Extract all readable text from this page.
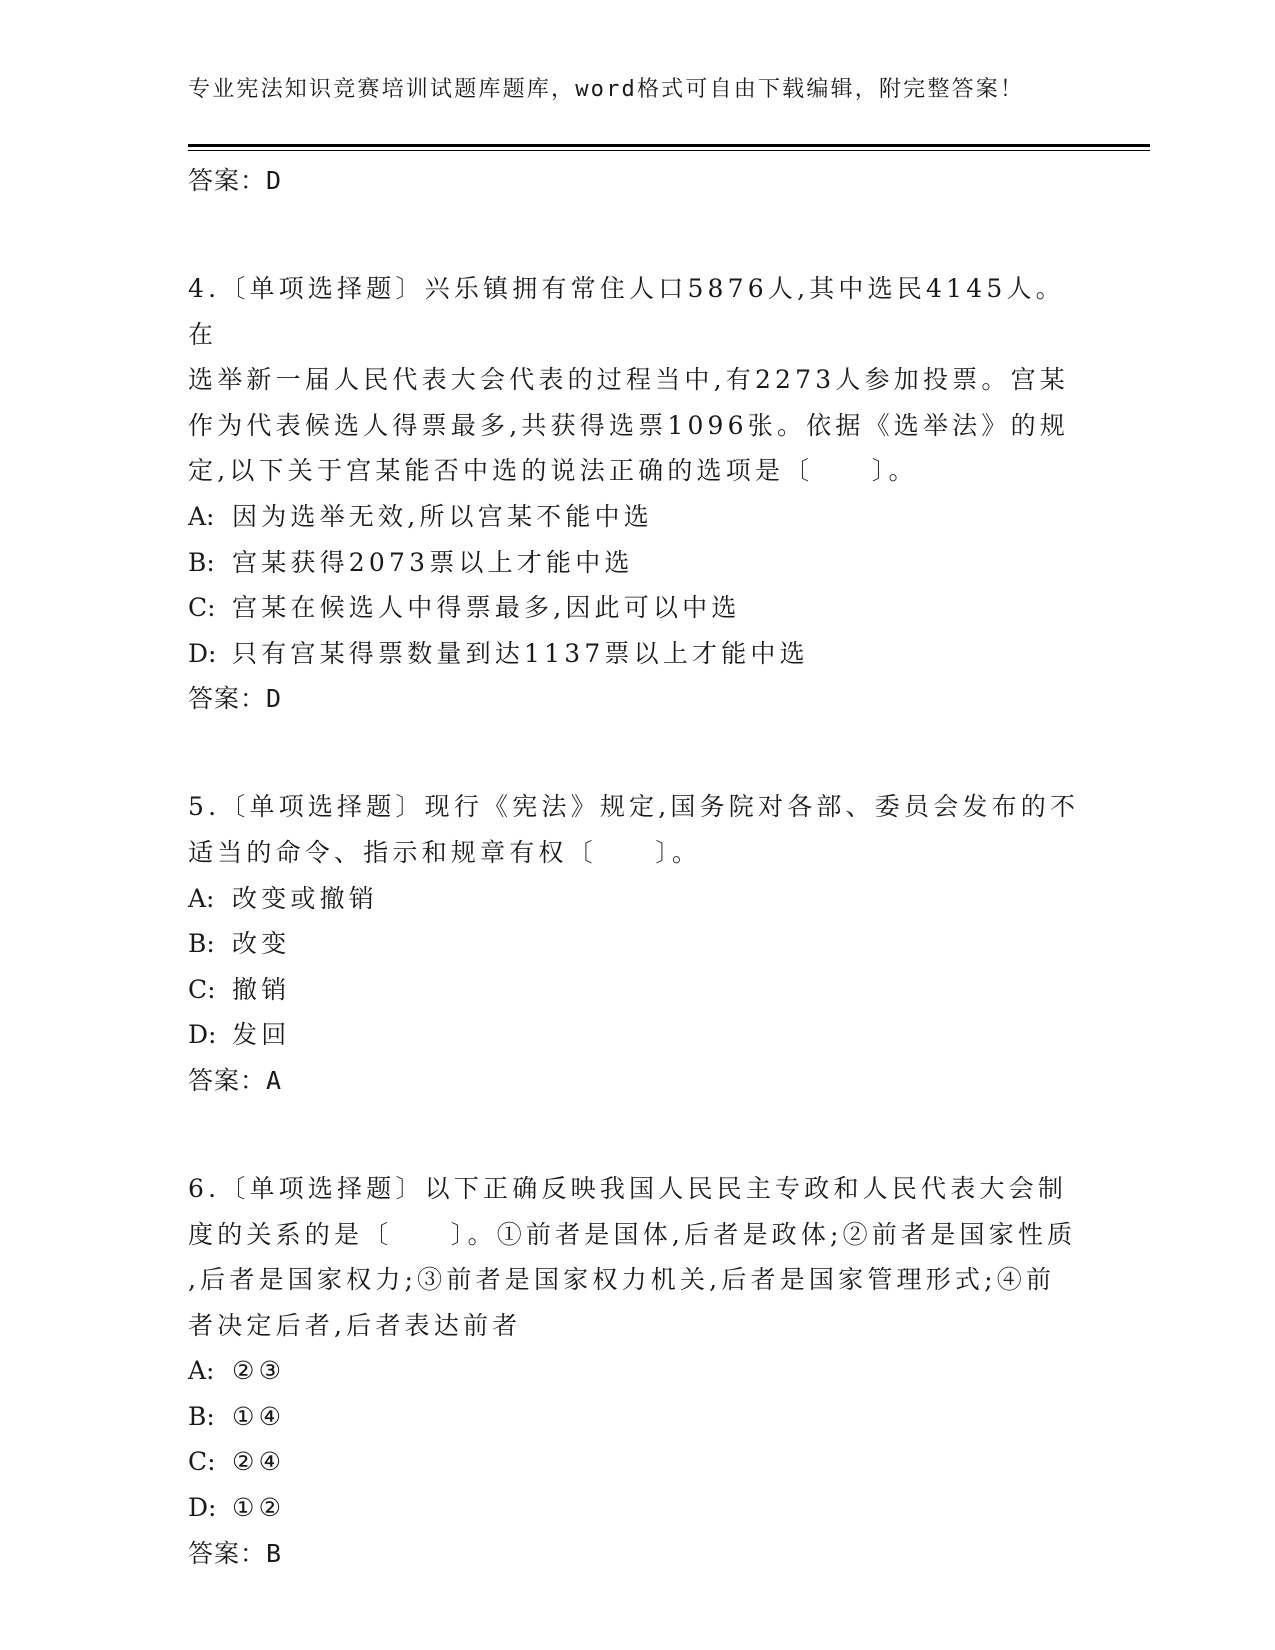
专业宪法知识竞赛培训试题库题库，word格式可自由下载编辑，附完整答案！
答案：D
4.〔单项选择题〕兴乐镇拥有常住人口5876人,其中选民4145人。在
选举新一届人民代表大会代表的过程当中,有2273人参加投票。宫某
作为代表候选人得票最多,共获得选票1096张。依据《选举法》的规
定,以下关于宫某能否中选的说法正确的选项是〔　　〕。
A: 因为选举无效,所以宫某不能中选
B: 宫某获得2073票以上才能中选
C: 宫某在候选人中得票最多,因此可以中选
D: 只有宫某得票数量到达1137票以上才能中选
答案：D
5.〔单项选择题〕现行《宪法》规定,国务院对各部、委员会发布的不
适当的命令、指示和规章有权〔　　〕。
A: 改变或撤销
B: 改变
C: 撤销
D: 发回
答案：A
6.〔单项选择题〕以下正确反映我国人民民主专政和人民代表大会制
度的关系的是〔　　〕。①前者是国体,后者是政体;②前者是国家性质
,后者是国家权力;③前者是国家权力机关,后者是国家管理形式;④前
者决定后者,后者表达前者
A: ②③
B: ①④
C: ②④
D: ①②
答案：B
